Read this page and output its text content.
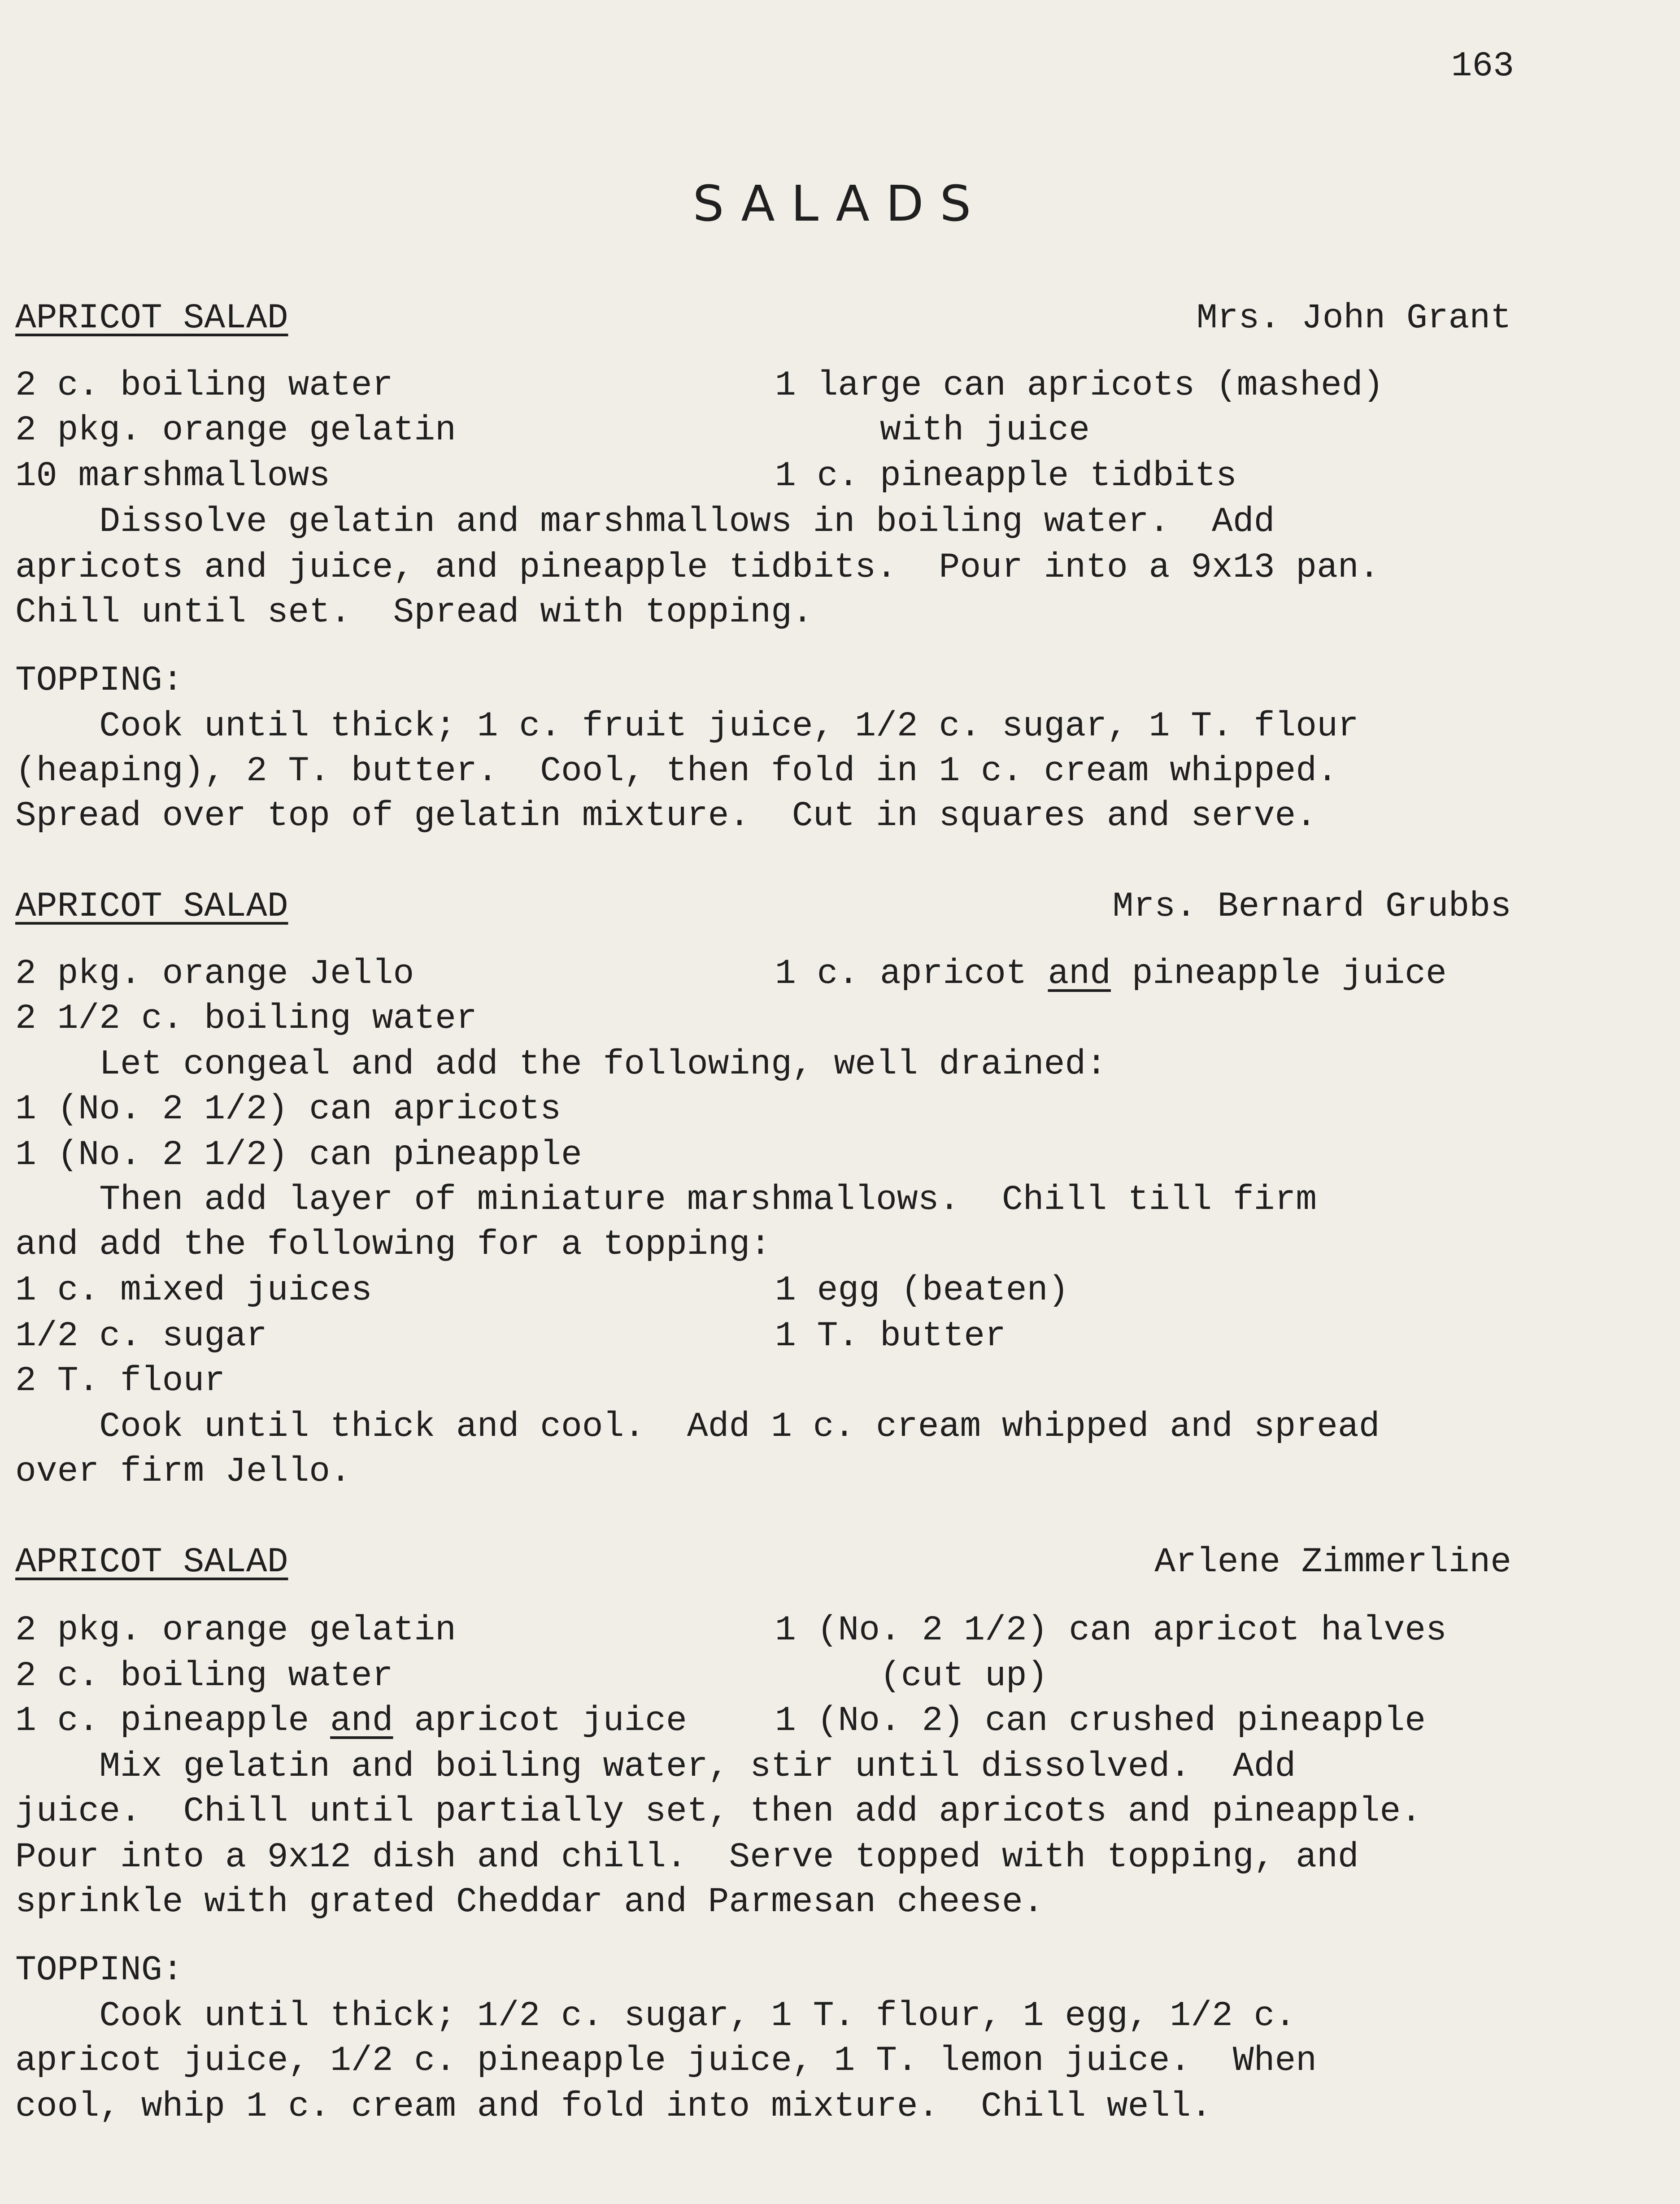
163
SALADS
APRICOT SALAD	Mrs. John Grant
2 c. boiling water	1 large can apricots (mashed)
2 pkg. orange gelatin	with juice
10 marshmallows	1 c. pineapple tidbits
Dissolve gelatin and marshmallows in boiling water.  Add
apricots and juice, and pineapple tidbits.  Pour into a 9x13 pan.
Chill until set.  Spread with topping.
TOPPING:
Cook until thick; 1 c. fruit juice, 1/2 c. sugar, 1 T. flour
(heaping), 2 T. butter.  Cool, then fold in 1 c. cream whipped.
Spread over top of gelatin mixture.  Cut in squares and serve.
APRICOT SALAD	Mrs. Bernard Grubbs
2 pkg. orange Jello	1 c. apricot and pineapple juice
2 1/2 c. boiling water
Let congeal and add the following, well drained:
1 (No. 2 1/2) can apricots
1 (No. 2 1/2) can pineapple
Then add layer of miniature marshmallows.  Chill till firm
and add the following for a topping:
1 c. mixed juices	1 egg (beaten)
1/2 c. sugar	1 T. butter
2 T. flour
Cook until thick and cool.  Add 1 c. cream whipped and spread
over firm Jello.
APRICOT SALAD	Arlene Zimmerline
2 pkg. orange gelatin	1 (No. 2 1/2) can apricot halves
2 c. boiling water	(cut up)
1 c. pineapple and apricot juice	1 (No. 2) can crushed pineapple
Mix gelatin and boiling water, stir until dissolved.  Add
juice.  Chill until partially set, then add apricots and pineapple.
Pour into a 9x12 dish and chill.  Serve topped with topping, and
sprinkle with grated Cheddar and Parmesan cheese.
TOPPING:
Cook until thick; 1/2 c. sugar, 1 T. flour, 1 egg, 1/2 c.
apricot juice, 1/2 c. pineapple juice, 1 T. lemon juice.  When
cool, whip 1 c. cream and fold into mixture.  Chill well.
